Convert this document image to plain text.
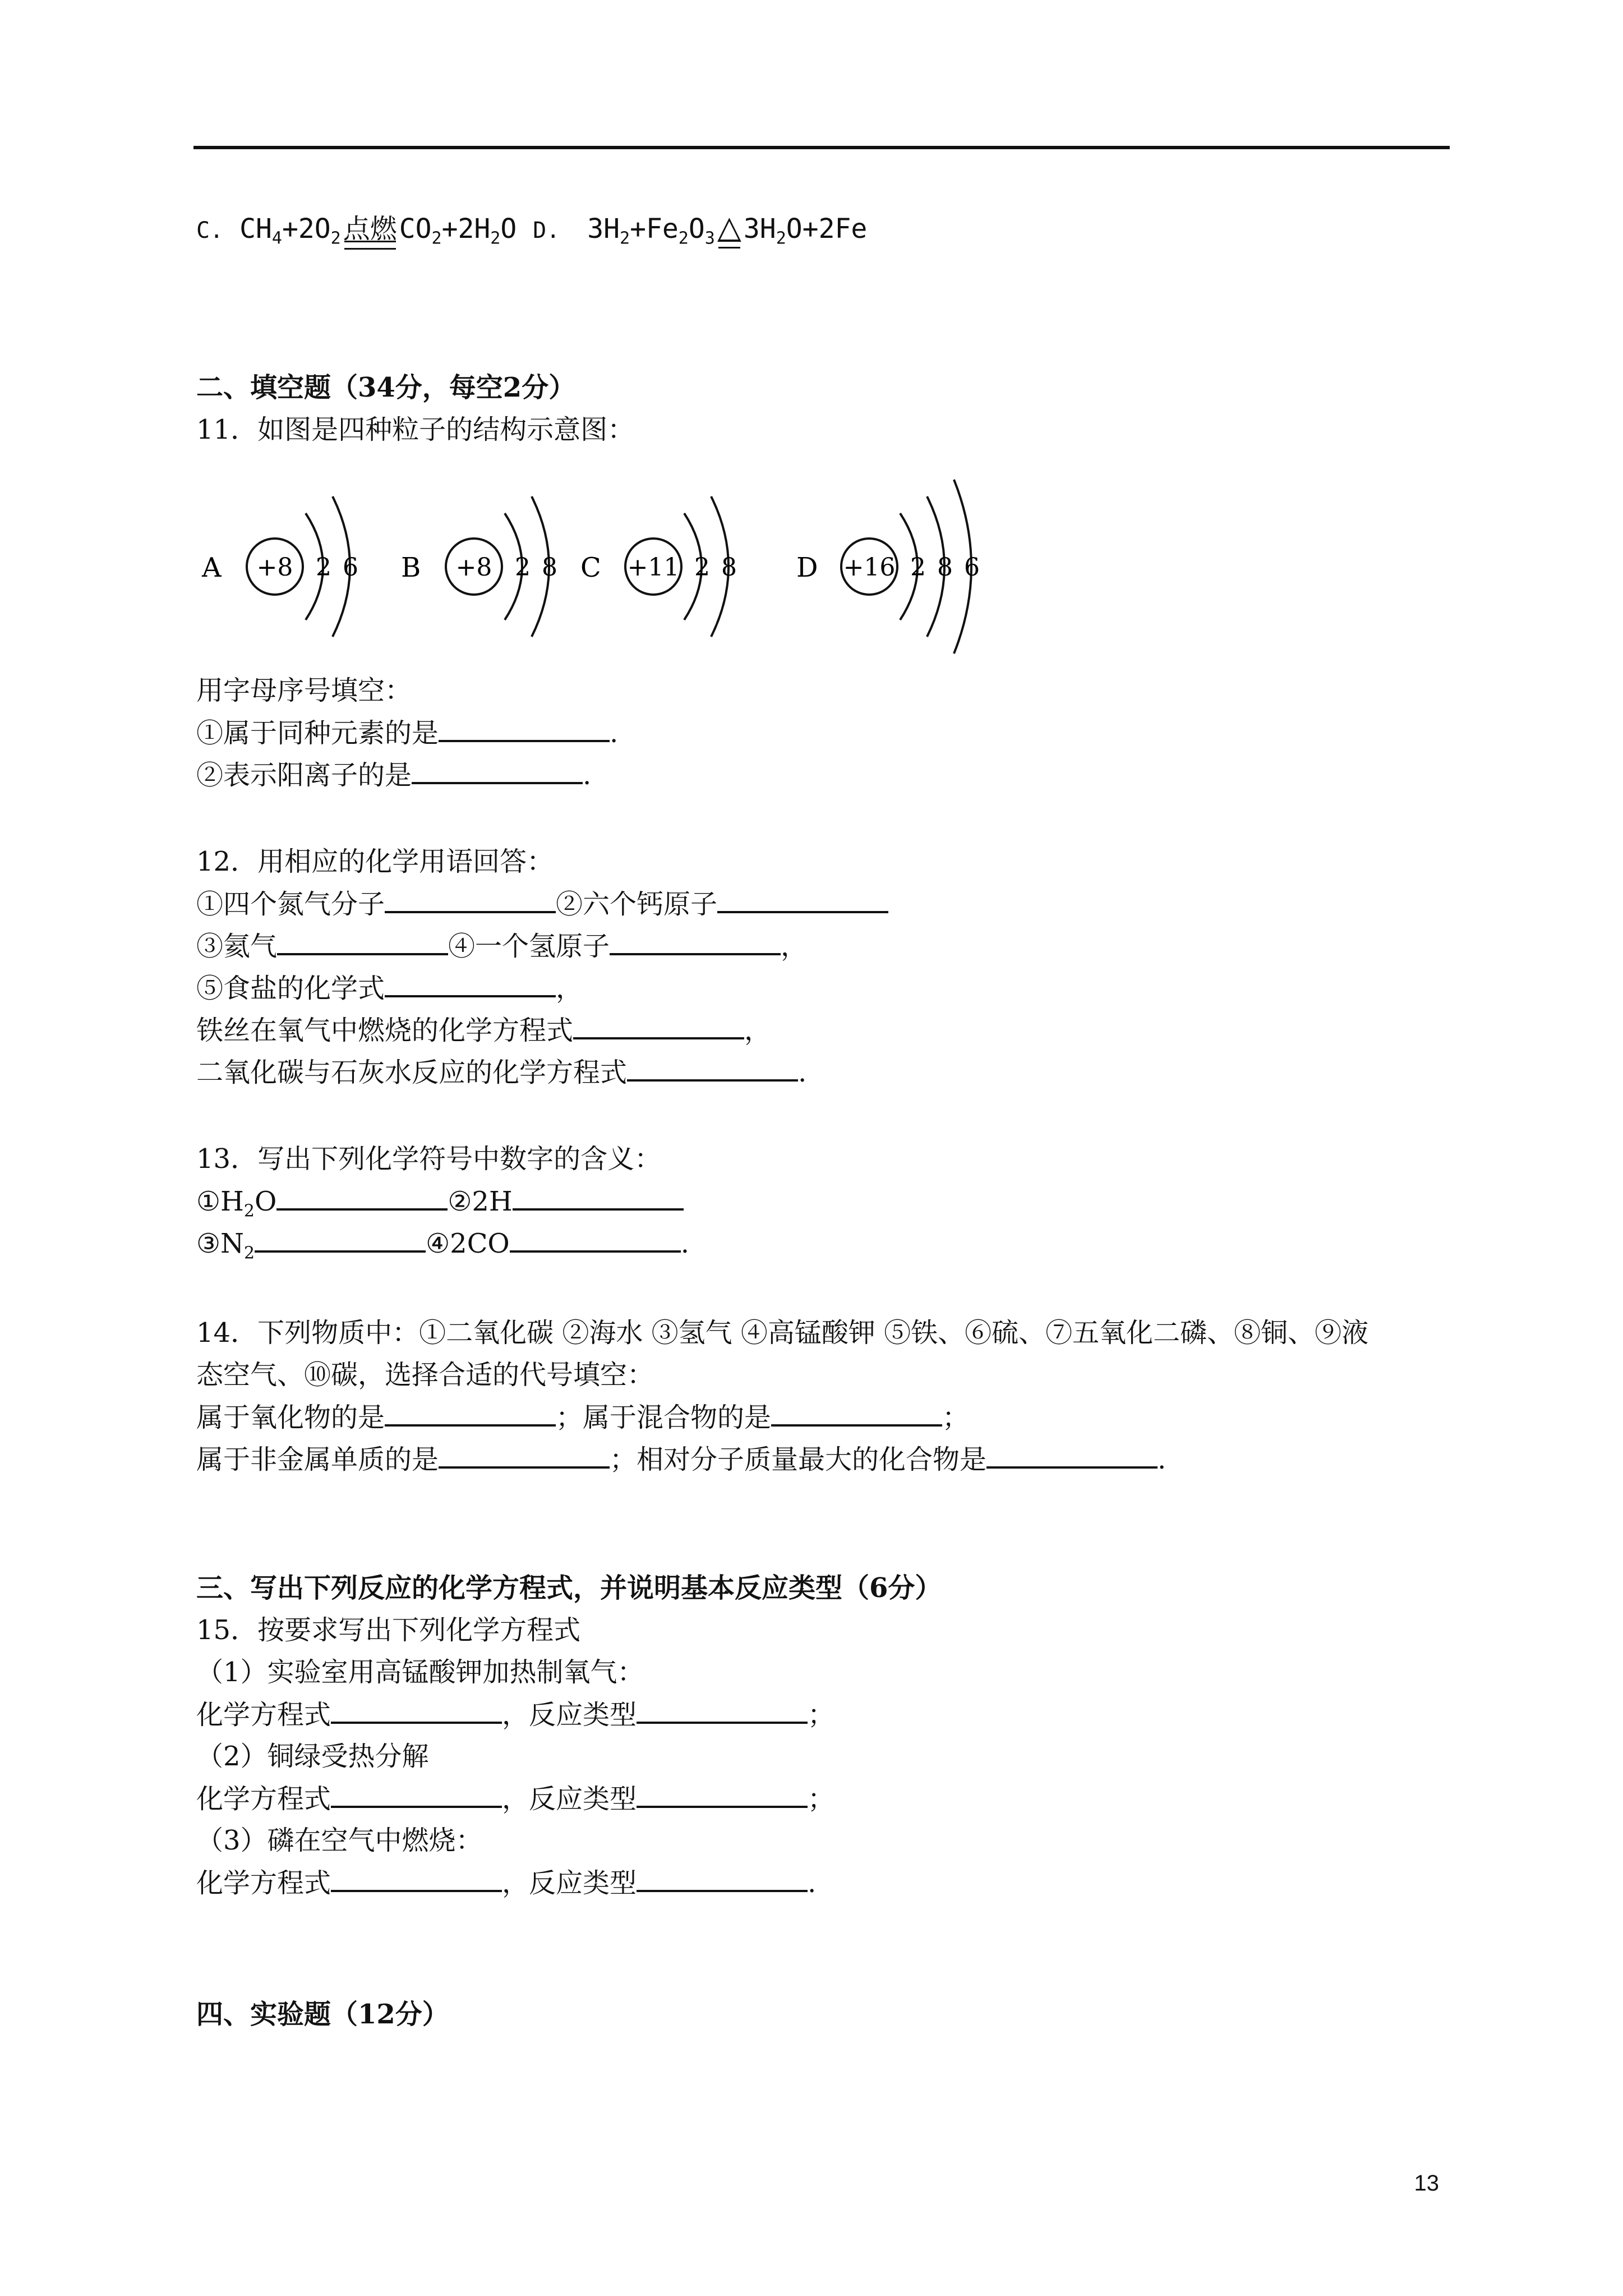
C. $CH_4+2O_2$点燃$CO_2+2H_2O$ D. $3H_2+Fe_2O_3\triangle 3H_2O+2Fe$
二、填空题（34分，每空2分）
11．如图是四种粒子的结构示意图：
A +8 2 6 B +8 2 8 C +11 2 8 D +16 2 8 6
用字母序号填空：
①属于同种元素的是	.
②表示阳离子的是	.
12．用相应的化学用语回答：
①四个氮气分子	②六个钙原子
③氦气	④一个氢原子	，
⑤食盐的化学式	，
铁丝在氧气中燃烧的化学方程式	，
二氧化碳与石灰水反应的化学方程式	.
13．写出下列化学符号中数字的含义：
$①H_2O$	②2H
$③N_2$	④2CO	.
14．下列物质中：①二氧化碳 ②海水 ③氢气 ④高锰酸钾 ⑤铁、⑥硫、⑦五氧化二磷、⑧铜、⑨液
态空气、⑩碳，选择合适的代号填空：
属于氧化物的是	；属于混合物的是	；
属于非金属单质的是	；相对分子质量最大的化合物是	.
三、写出下列反应的化学方程式，并说明基本反应类型（6分）
15．按要求写出下列化学方程式
（1）实验室用高锰酸钾加热制氧气：
化学方程式	，反应类型	；
（2）铜绿受热分解
化学方程式	，反应类型	；
（3）磷在空气中燃烧：
化学方程式	，反应类型	.
四、实验题（12分）
13
